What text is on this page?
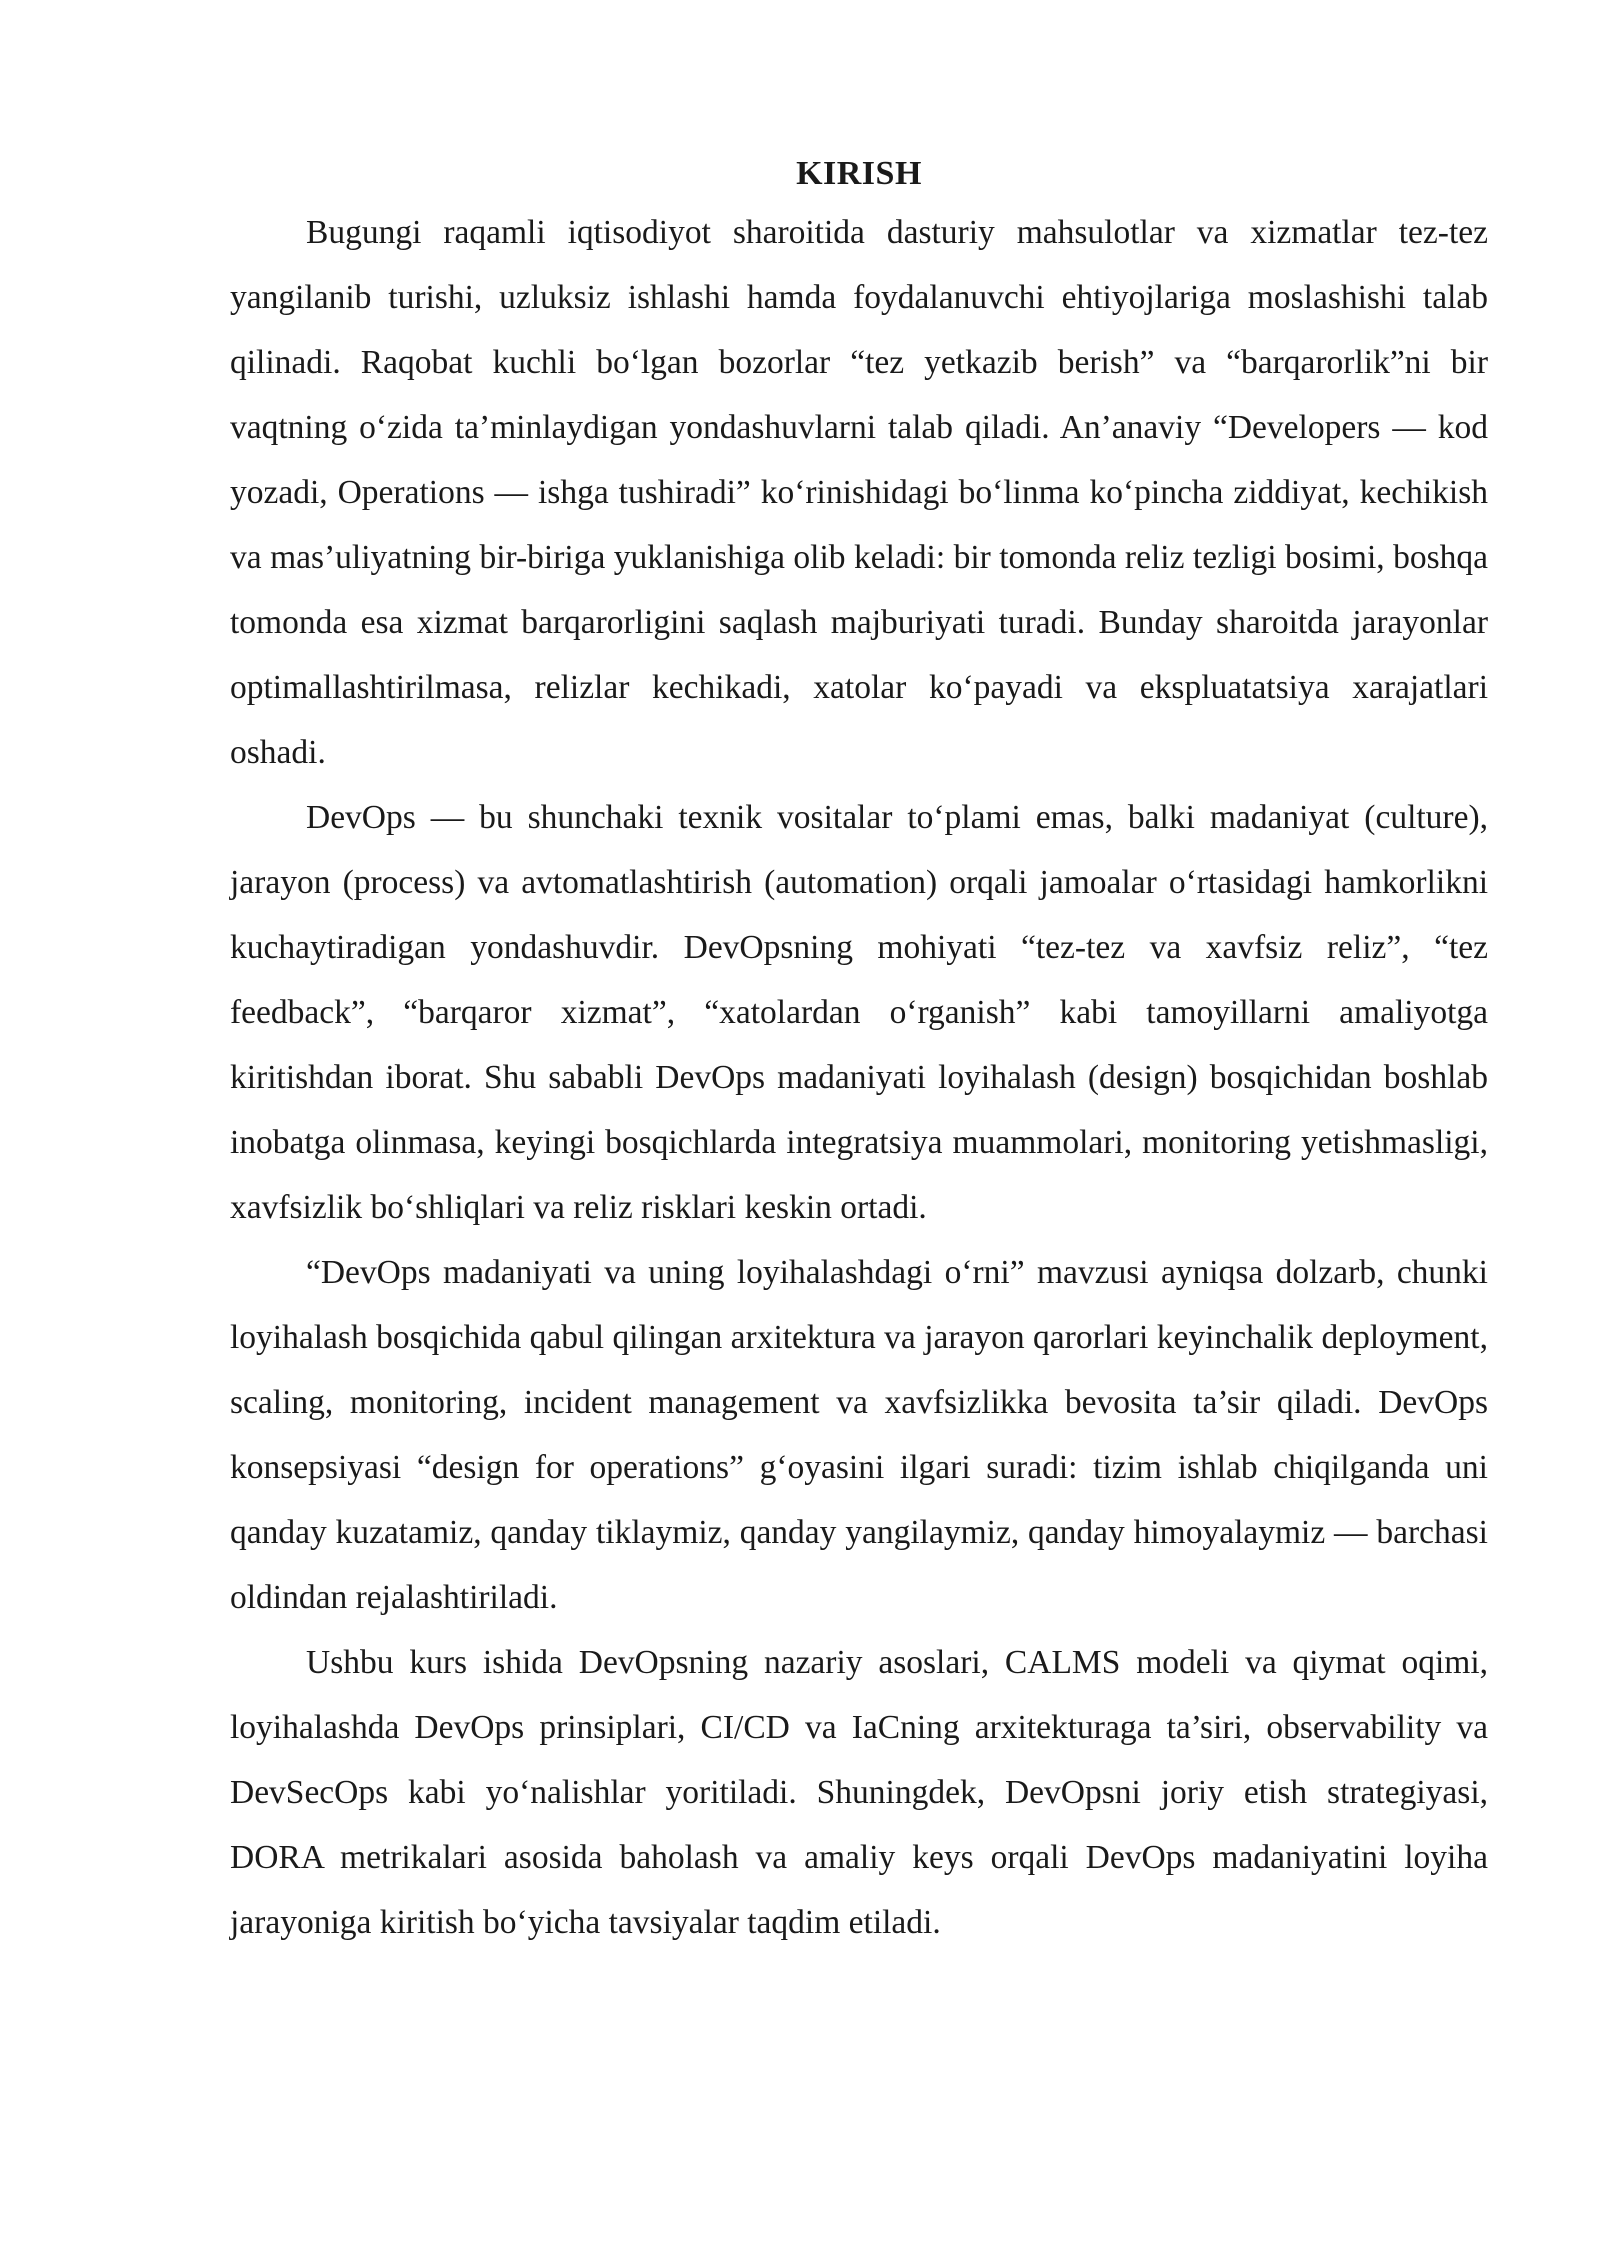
KIRISH

Bugungi raqamli iqtisodiyot sharoitida dasturiy mahsulotlar va xizmatlar tez-tez yangilanib turishi, uzluksiz ishlashi hamda foydalanuvchi ehtiyojlariga moslashishi talab qilinadi. Raqobat kuchli bo‘lgan bozorlar “tez yetkazib berish” va “barqarorlik”ni bir vaqtning o‘zida ta’minlaydigan yondashuvlarni talab qiladi. An’anaviy “Developers — kod yozadi, Operations — ishga tushiradi” ko‘rinishidagi bo‘linma ko‘pincha ziddiyat, kechikish va mas’uliyatning bir-biriga yuklanishiga olib keladi: bir tomonda reliz tezligi bosimi, boshqa tomonda esa xizmat barqarorligini saqlash majburiyati turadi. Bunday sharoitda jarayonlar optimallashtirilmasa, relizlar kechikadi, xatolar ko‘payadi va ekspluatatsiya xarajatlari oshadi.

DevOps — bu shunchaki texnik vositalar to‘plami emas, balki madaniyat (culture), jarayon (process) va avtomatlashtirish (automation) orqali jamoalar o‘rtasidagi hamkorlikni kuchaytiradigan yondashuvdir. DevOpsning mohiyati “tez-tez va xavfsiz reliz”, “tez feedback”, “barqaror xizmat”, “xatolardan o‘rganish” kabi tamoyillarni amaliyotga kiritishdan iborat. Shu sababli DevOps madaniyati loyihalash (design) bosqichidan boshlab inobatga olinmasa, keyingi bosqichlarda integratsiya muammolari, monitoring yetishmasligi, xavfsizlik bo‘shliqlari va reliz risklari keskin ortadi.

“DevOps madaniyati va uning loyihalashdagi o‘rni” mavzusi ayniqsa dolzarb, chunki loyihalash bosqichida qabul qilingan arxitektura va jarayon qarorlari keyinchalik deployment, scaling, monitoring, incident management va xavfsizlikka bevosita ta’sir qiladi. DevOps konsepsiyasi “design for operations” g‘oyasini ilgari suradi: tizim ishlab chiqilganda uni qanday kuzatamiz, qanday tiklaymiz, qanday yangilaymiz, qanday himoyalaymiz — barchasi oldindan rejalashtiriladi.

Ushbu kurs ishida DevOpsning nazariy asoslari, CALMS modeli va qiymat oqimi, loyihalashda DevOps prinsiplari, CI/CD va IaCning arxitekturaga ta’siri, observability va DevSecOps kabi yo‘nalishlar yoritiladi. Shuningdek, DevOpsni joriy etish strategiyasi, DORA metrikalari asosida baholash va amaliy keys orqali DevOps madaniyatini loyiha jarayoniga kiritish bo‘yicha tavsiyalar taqdim etiladi.
